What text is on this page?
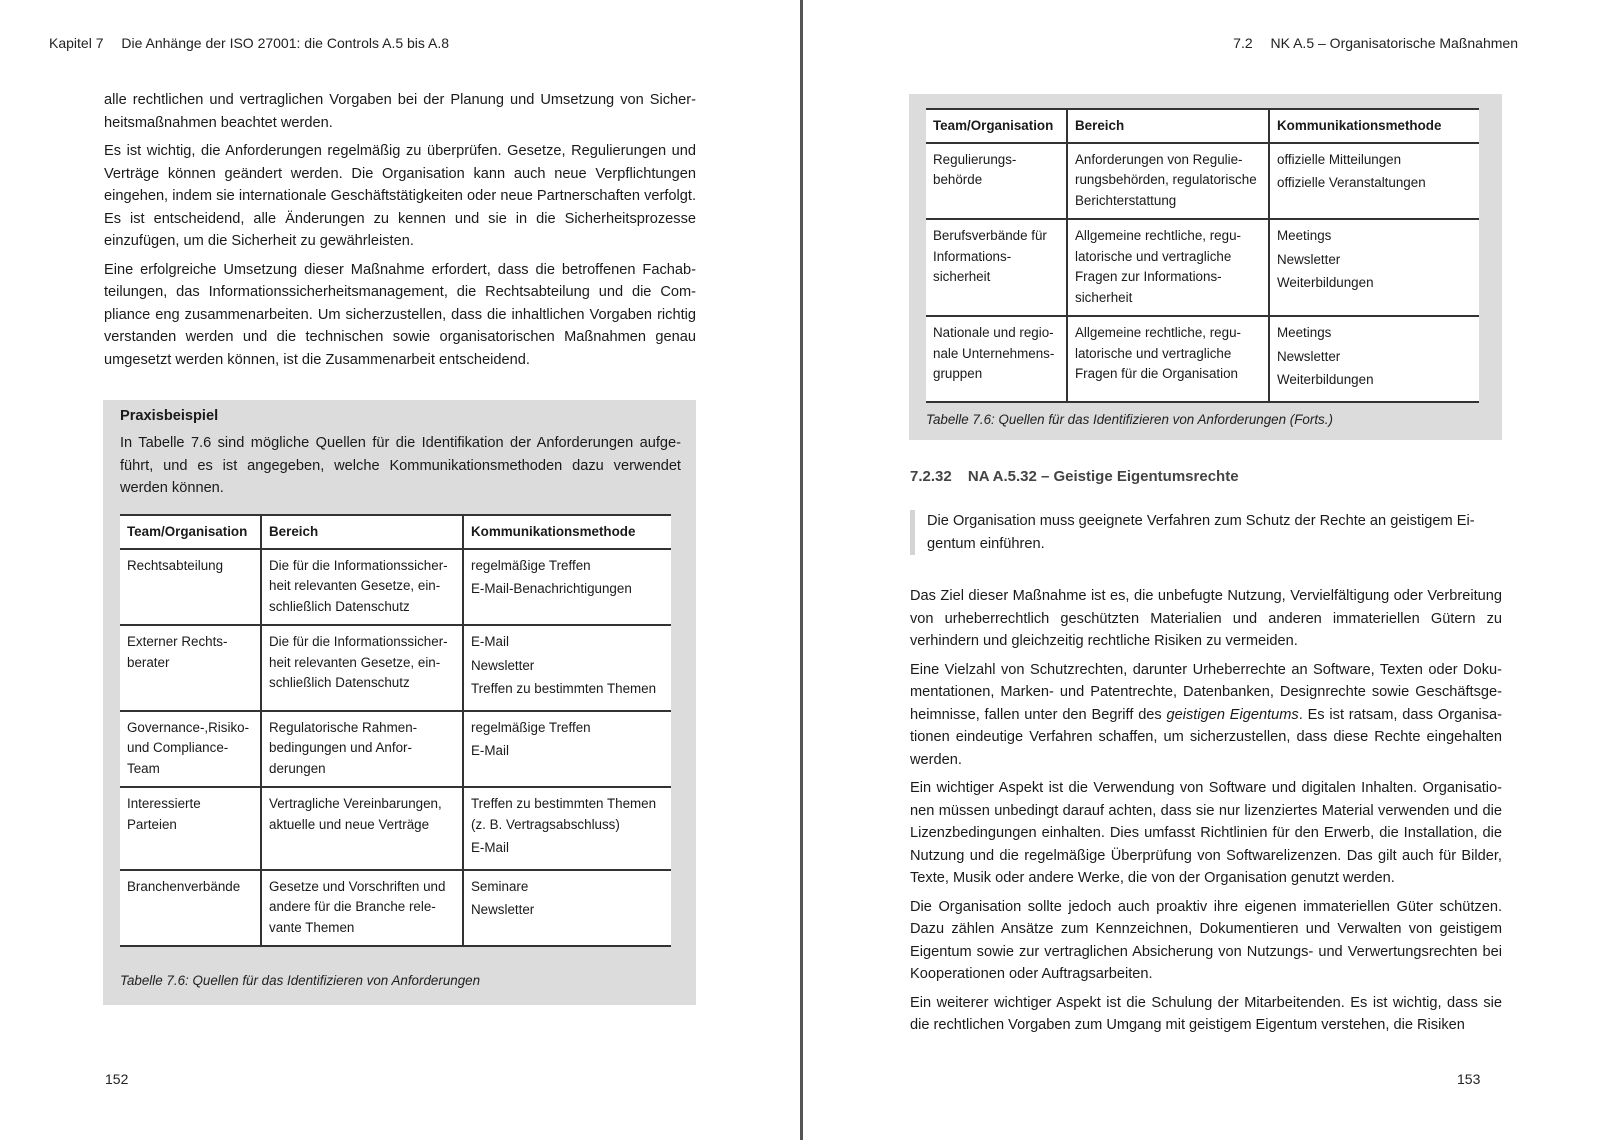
Kapitel 7 Die Anhänge der ISO 27001: die Controls A.5 bis A.8

alle rechtlichen und vertraglichen Vorgaben bei der Planung und Umsetzung von Sicherheitsmaßnahmen beachtet werden.

Es ist wichtig, die Anforderungen regelmäßig zu überprüfen. Gesetze, Regulierungen und Verträge können geändert werden. Die Organisation kann auch neue Verpflichtungen eingehen, indem sie internationale Geschäftstätigkeiten oder neue Partnerschaften verfolgt. Es ist entscheidend, alle Änderungen zu kennen und sie in die Sicherheitsprozesse einzufügen, um die Sicherheit zu gewährleisten.

Eine erfolgreiche Umsetzung dieser Maßnahme erfordert, dass die betroffenen Fachabteilungen, das Informationssicherheitsmanagement, die Rechtsabteilung und die Compliance eng zusammenarbeiten. Um sicherzustellen, dass die inhaltlichen Vorgaben richtig verstanden werden und die technischen sowie organisatorischen Maßnahmen genau umgesetzt werden können, ist die Zusammenarbeit entscheidend.

Praxisbeispiel
In Tabelle 7.6 sind mögliche Quellen für die Identifikation der Anforderungen aufgeführt, und es ist angegeben, welche Kommunikationsmethoden dazu verwendet werden können.
Team/Organisation	Bereich	Kommunikationsmethode
Rechtsabteilung	Die für die Informationssicherheit relevanten Gesetze, einschließlich Datenschutz	regelmäßige Treffen
E-Mail-Benachrichtigungen

Externer Rechtsberater	Die für die Informationssicherheit relevanten Gesetze, einschließlich Datenschutz	E-Mail
Newsletter
Treffen zu bestimmten Themen

Governance-,Risiko- und Compliance-Team	Regulatorische Rahmenbedingungen und Anforderungen	regelmäßige Treffen
E-Mail

Interessierte Parteien	Vertragliche Vereinbarungen, aktuelle und neue Verträge	Treffen zu bestimmten Themen (z. B. Vertragsabschluss)
E-Mail

Branchenverbände	Gesetze und Vorschriften und andere für die Branche relevante Themen	Seminare
Newsletter
Tabelle 7.6: Quellen für das Identifizieren von Anforderungen
152
7.2 NK A.5 – Organisatorische Maßnahmen
Team/Organisation	Bereich	Kommunikationsmethode
Regulierungsbehörde	Anforderungen von Regulierungsbehörden, regulatorische Berichterstattung	offizielle Mitteilungen
offizielle Veranstaltungen

Berufsverbände für Informationssicherheit	Allgemeine rechtliche, regulatorische und vertragliche Fragen zur Informationssicherheit	Meetings
Newsletter
Weiterbildungen

Nationale und regionale Unternehmensgruppen	Allgemeine rechtliche, regulatorische und vertragliche Fragen für die Organisation	Meetings
Newsletter
Weiterbildungen
Tabelle 7.6: Quellen für das Identifizieren von Anforderungen (Forts.)
7.2.32 NA A.5.32 – Geistige Eigentumsrechte
Die Organisation muss geeignete Verfahren zum Schutz der Rechte an geistigem Eigentum einführen.

Das Ziel dieser Maßnahme ist es, die unbefugte Nutzung, Vervielfältigung oder Verbreitung von urheberrechtlich geschützten Materialien und anderen immateriellen Gütern zu verhindern und gleichzeitig rechtliche Risiken zu vermeiden.

Eine Vielzahl von Schutzrechten, darunter Urheberrechte an Software, Texten oder Dokumentationen, Marken- und Patentrechte, Datenbanken, Designrechte sowie Geschäftsgeheimnisse, fallen unter den Begriff des geistigen Eigentums. Es ist ratsam, dass Organisationen eindeutige Verfahren schaffen, um sicherzustellen, dass diese Rechte eingehalten werden.

Ein wichtiger Aspekt ist die Verwendung von Software und digitalen Inhalten. Organisationen müssen unbedingt darauf achten, dass sie nur lizenziertes Material verwenden und die Lizenzbedingungen einhalten. Dies umfasst Richtlinien für den Erwerb, die Installation, die Nutzung und die regelmäßige Überprüfung von Softwarelizenzen. Das gilt auch für Bilder, Texte, Musik oder andere Werke, die von der Organisation genutzt werden.

Die Organisation sollte jedoch auch proaktiv ihre eigenen immateriellen Güter schützen. Dazu zählen Ansätze zum Kennzeichnen, Dokumentieren und Verwalten von geistigem Eigentum sowie zur vertraglichen Absicherung von Nutzungs- und Verwertungsrechten bei Kooperationen oder Auftragsarbeiten.

Ein weiterer wichtiger Aspekt ist die Schulung der Mitarbeitenden. Es ist wichtig, dass sie die rechtlichen Vorgaben zum Umgang mit geistigem Eigentum verstehen, die Risiken

153
